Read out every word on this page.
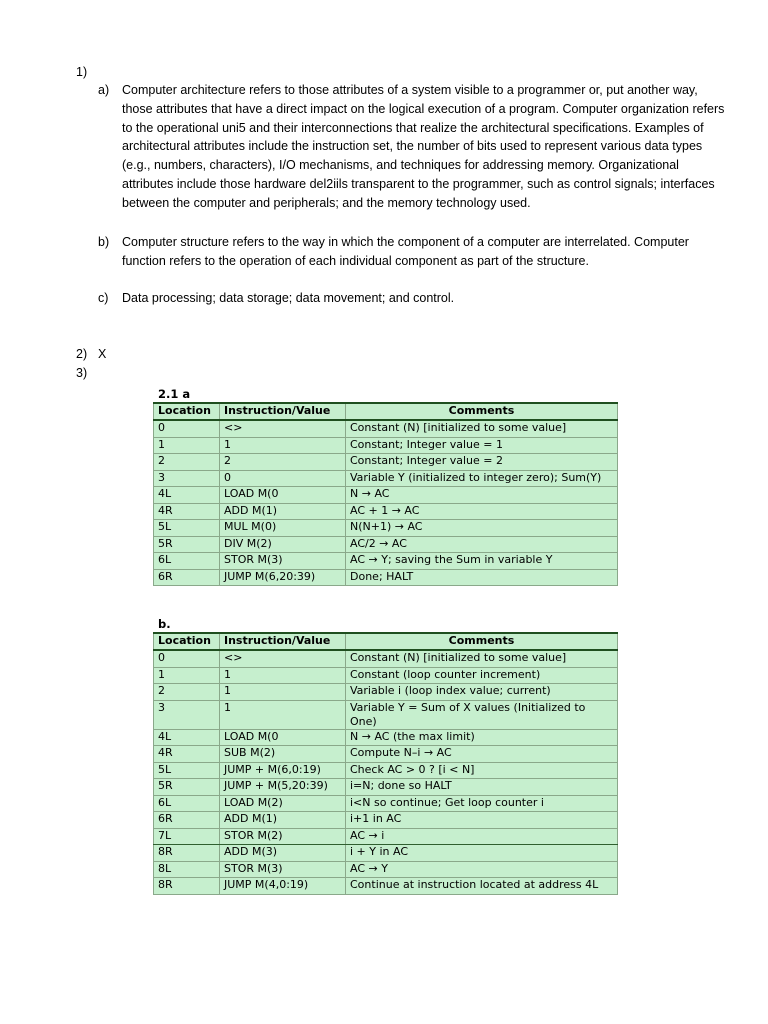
1)
a) Computer architecture refers to those attributes of a system visible to a programmer or, put another way, those attributes that have a direct impact on the logical execution of a program. Computer organization refers to the operational uni5 and their interconnections that realize the architectural specifications. Examples of architectural attributes include the instruction set, the number of bits used to represent various data types (e.g., numbers, characters), I/O mechanisms, and techniques for addressing memory. Organizational attributes include those hardware del2iils transparent to the programmer, such as control signals; interfaces between the computer and peripherals; and the memory technology used.
b) Computer structure refers to the way in which the component of a computer are interrelated. Computer function refers to the operation of each individual component as part of the structure.
c) Data processing; data storage; data movement; and control.
2) X
3)
2.1 a
Location	Instruction/Value	Comments
0	<>	Constant (N) [initialized to some value]
1	1	Constant; Integer value = 1
2	2	Constant; Integer value = 2
3	0	Variable Y (initialized to integer zero); Sum(Y)
4L	LOAD M(0	N → AC
4R	ADD M(1)	AC + 1 → AC
5L	MUL M(0)	N(N+1) → AC
5R	DIV M(2)	AC/2 → AC
6L	STOR M(3)	AC → Y; saving the Sum in variable Y
6R	JUMP M(6,20:39)	Done; HALT
b.
Location	Instruction/Value	Comments
0	<>	Constant (N) [initialized to some value]
1	1	Constant (loop counter increment)
2	1	Variable i (loop index value; current)
3	1	Variable Y = Sum of X values (Initialized to One)
4L	LOAD M(0	N → AC (the max limit)
4R	SUB M(2)	Compute N–i → AC
5L	JUMP + M(6,0:19)	Check AC > 0 ? [i < N]
5R	JUMP + M(5,20:39)	i=N; done so HALT
6L	LOAD M(2)	i<N so continue; Get loop counter i
6R	ADD M(1)	i+1 in AC
7L	STOR M(2)	AC → i
8R	ADD M(3)	i + Y in AC
8L	STOR M(3)	AC → Y
8R	JUMP M(4,0:19)	Continue at instruction located at address 4L
